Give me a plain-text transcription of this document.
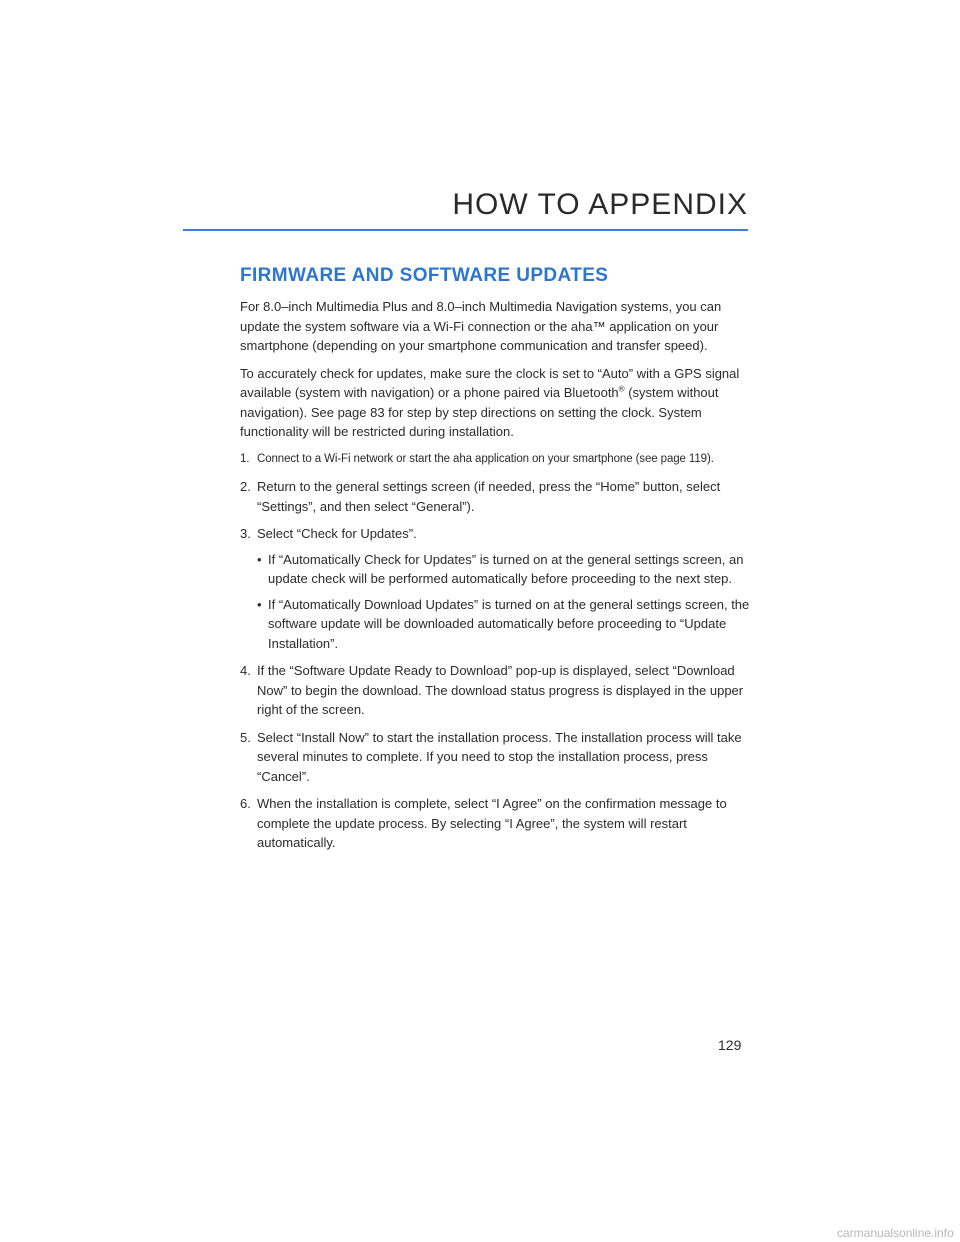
HOW TO APPENDIX
FIRMWARE AND SOFTWARE UPDATES

For 8.0–inch Multimedia Plus and 8.0–inch Multimedia Navigation systems, you can update the system software via a Wi-Fi connection or the aha™ application on your smartphone (depending on your smartphone communication and transfer speed).

To accurately check for updates, make sure the clock is set to “Auto” with a GPS signal available (system with navigation) or a phone paired via Bluetooth® (system without navigation). See page 83 for step by step directions on setting the clock. System functionality will be restricted during installation.

1. Connect to a Wi-Fi network or start the aha application on your smartphone (see page 119).
2. Return to the general settings screen (if needed, press the “Home” button, select “Settings”, and then select “General”).
3. Select “Check for Updates”.
• If “Automatically Check for Updates” is turned on at the general settings screen, an update check will be performed automatically before proceeding to the next step.
• If “Automatically Download Updates” is turned on at the general settings screen, the software update will be downloaded automatically before proceeding to “Update Installation”.
4. If the “Software Update Ready to Download” pop-up is displayed, select “Download Now” to begin the download. The download status progress is displayed in the upper right of the screen.
5. Select “Install Now” to start the installation process. The installation process will take several minutes to complete. If you need to stop the installation process, press “Cancel”.
6. When the installation is complete, select “I Agree” on the confirmation message to complete the update process. By selecting “I Agree”, the system will restart automatically.
129
carmanualsonline.info
